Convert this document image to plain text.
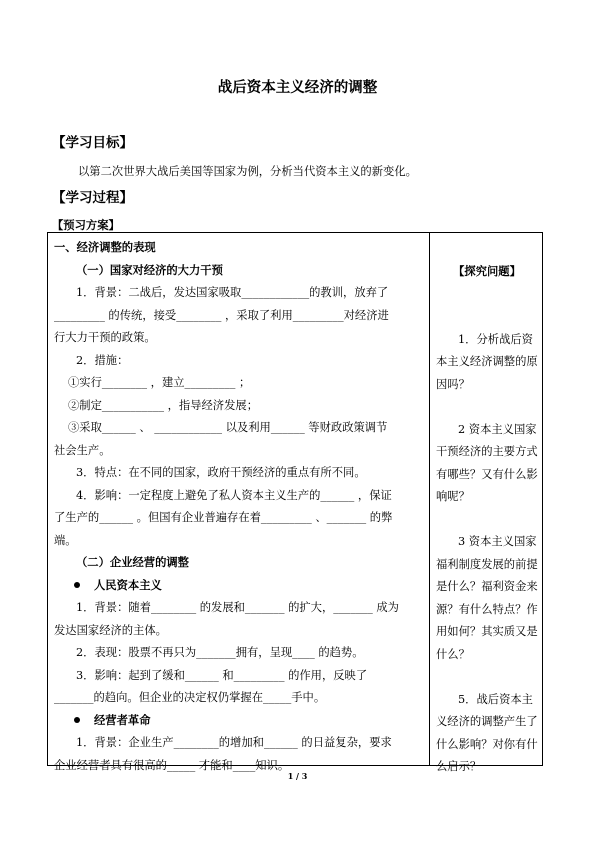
战后资本主义经济的调整
【学习目标】
以第二次世界大战后美国等国家为例，分析当代资本主义的新变化。
【学习过程】
【预习方案】
一、经济调整的表现
（一）国家对经济的大力干预
1．背景：二战后，发达国家吸取____________的教训，放弃了
_________ 的传统，接受________ ，采取了利用_________对经济进
行大力干预的政策。
2．措施：
①实行________ ，建立_________ ；
②制定___________ ，指导经济发展；
③采取______ 、 ____________ 以及利用______ 等财政政策调节
社会生产。
3．特点：在不同的国家，政府干预经济的重点有所不同。
4．影响：一定程度上避免了私人资本主义生产的______ ，保证
了生产的______ 。但国有企业普遍存在着_________ 、_______ 的弊
端。
（二）企业经营的调整
人民资本主义
1．背景：随着________ 的发展和_______ 的扩大，_______ 成为
发达国家经济的主体。
2．表现：股票不再只为_______拥有，呈现____ 的趋势。
3．影响：起到了缓和______ 和_________ 的作用，反映了
_______的趋向。但企业的决定权仍掌握在_____手中。
经营者革命
1．背景：企业生产________的增加和______ 的日益复杂，要求
企业经营者具有很高的_____ 才能和____知识。
【探究问题】
1．分析战后资本主义经济调整的原因吗？
2 资本主义国家干预经济的主要方式有哪些？又有什么影响呢？
3 资本主义国家福利制度发展的前提是什么？福利资金来源？有什么特点？作用如何？其实质又是什么？
5．战后资本主义经济的调整产生了什么影响？对你有什么启示？
1 / 3
